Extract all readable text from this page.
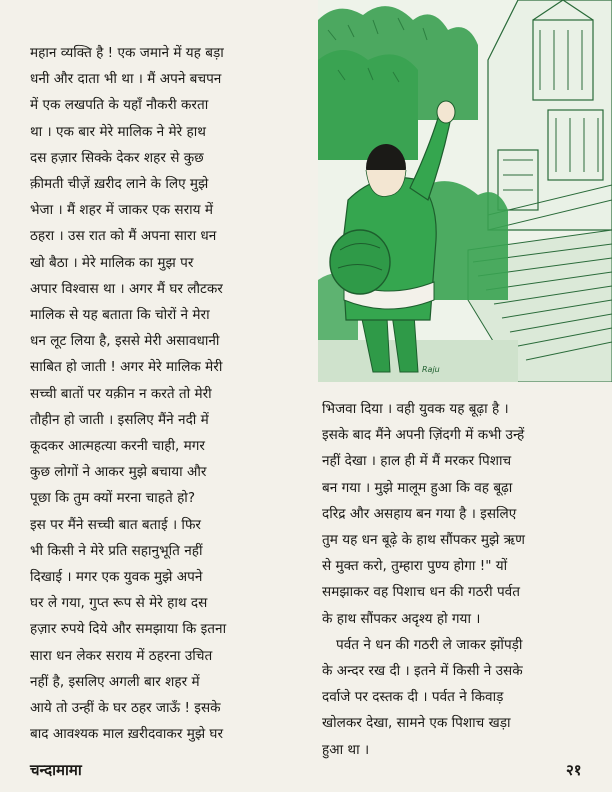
महान व्यक्ति है ! एक जमाने में यह बड़ा
धनी और दाता भी था । मैं अपने बचपन
में एक लखपति के यहाँ नौकरी करता
था । एक बार मेरे मालिक ने मेरे हाथ
दस हज़ार सिक्के देकर शहर से कुछ
क़ीमती चीज़ें ख़रीद लाने के लिए मुझे
भेजा । मैं शहर में जाकर एक सराय में
ठहरा । उस रात को मैं अपना सारा धन
खो बैठा । मेरे मालिक का मुझ पर
अपार विश्वास था । अगर मैं घर लौटकर
मालिक से यह बताता कि चोरों ने मेरा
धन लूट लिया है, इससे मेरी असावधानी
साबित हो जाती ! अगर मेरे मालिक मेरी
सच्ची बातों पर यक़ीन न करते तो मेरी
तौहीन हो जाती । इसलिए मैंने नदी में
कूदकर आत्महत्या करनी चाही, मगर
कुछ लोगों ने आकर मुझे बचाया और
पूछा कि तुम क्यों मरना चाहते हो?
इस पर मैंने सच्ची बात बताई । फिर
भी किसी ने मेरे प्रति सहानुभूति नहीं
दिखाई । मगर एक युवक मुझे अपने
घर ले गया, गुप्त रूप से मेरे हाथ दस
हज़ार रुपये दिये और समझाया कि इतना
सारा धन लेकर सराय में ठहरना उचित
नहीं है, इसलिए अगली बार शहर में
आये तो उन्हीं के घर ठहर जाऊँ ! इसके
बाद आवश्यक माल ख़रीदवाकर मुझे घर
Raju
भिजवा दिया । वही युवक यह बूढ़ा है ।
इसके बाद मैंने अपनी ज़िंदगी में कभी उन्हें
नहीं देखा । हाल ही में मैं मरकर पिशाच
बन गया । मुझे मालूम हुआ कि वह बूढ़ा
दरिद्र और असहाय बन गया है । इसलिए
तुम यह धन बूढ़े के हाथ सौंपकर मुझे ऋण
से मुक्त करो, तुम्हारा पुण्य होगा !" यों
समझाकर वह पिशाच धन की गठरी पर्वत
के हाथ सौंपकर अदृश्य हो गया ।
पर्वत ने धन की गठरी ले जाकर झोंपड़ी
के अन्दर रख दी । इतने में किसी ने उसके
दर्वाजे पर दस्तक दी । पर्वत ने किवाड़
खोलकर देखा, सामने एक पिशाच खड़ा
हुआ था ।
चन्दामामा	२१
